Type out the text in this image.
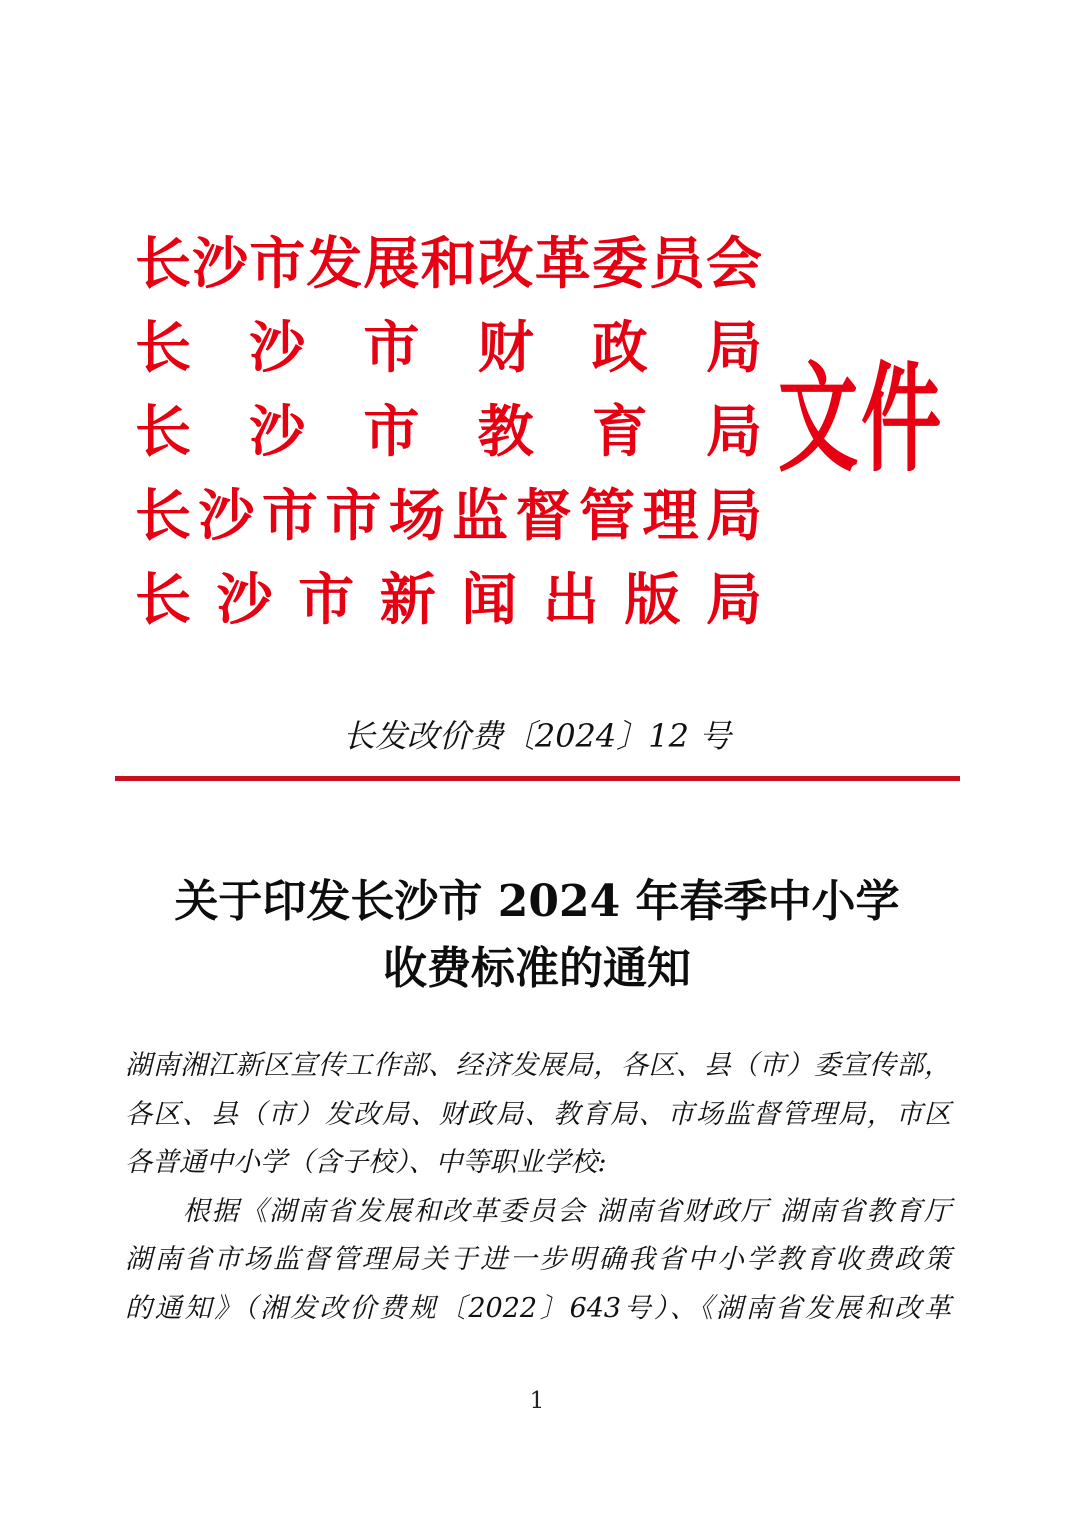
长沙市发展和改革委员会
长沙市财政局
长沙市教育局
长沙市市场监督管理局
长沙市新闻出版局
文件
长发改价费〔2024〕12 号
关于印发长沙市 2024 年春季中小学
收费标准的通知
湖南湘江新区宣传工作部、经济发展局，各区、县（市）委宣传部，
各区、县（市）发改局、财政局、教育局、市场监督管理局，市区
各普通中小学（含子校）、中等职业学校:
　　根据《湖南省发展和改革委员会 湖南省财政厅 湖南省教育厅
湖南省市场监督管理局关于进一步明确我省中小学教育收费政策
的通知》（湘发改价费规〔2022〕643号）、《湖南省发展和改革
1
